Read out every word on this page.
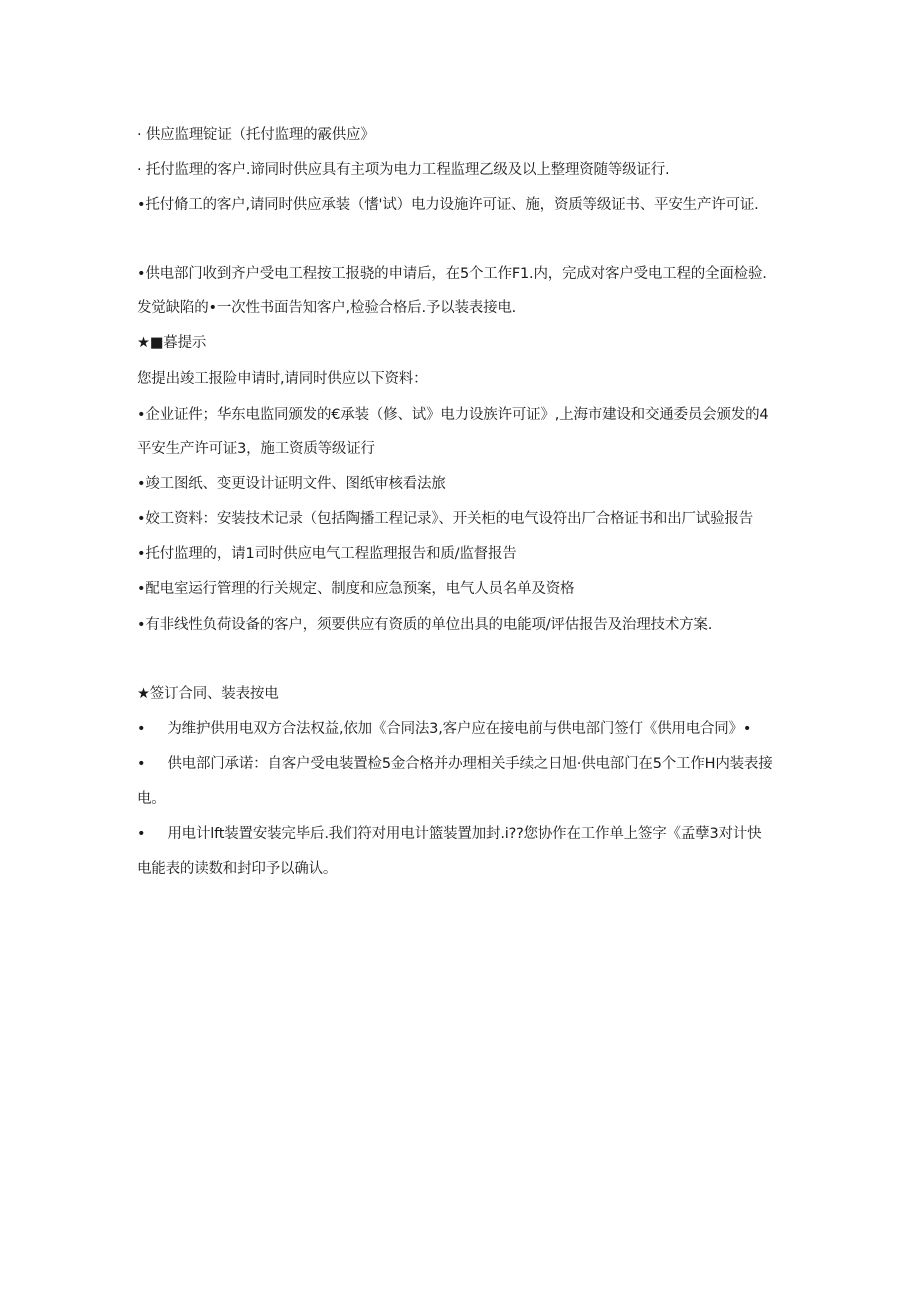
· 供应监理锭证（托付监理的霰供应》
· 托付监理的客户.谛同时供应具有主项为电力工程监理乙级及以上整理资随等级证行.
•托付脩工的客户,请同时供应承装（愭'试）电力设施许可证、施，资质等级证书、平安生产许可证.
•供电部门收到齐户受电工程按工报骁的申请后，在5个工作F1.内，完成对客户受电工程的全面检验.
发觉缺陷的•一次性书面告知客户,检验合格后.予以装表接电.
★■暮提示
您提出竣工报险申请时,请同时供应以下资料：
•企业证件；华东电监同颁发的€承装（修、试》电力设族许可证》,上海市建设和交通委员会颁发的4
平安生产许可证3，施工资质等级证行
•竣工图纸、变更设计证明文件、图纸审核看法旅
•姣工资料：安装技术记录（包括陶播工程记录》、开关柜的电气设符出厂合格证书和出厂试验报告
•托付监理的，请1司时供应电气工程监理报告和质/监督报告
•配电室运行管理的行关规定、制度和应急预案，电气人员名单及资格
•有非线性负荷设备的客户，须要供应有资质的单位出具的电能项/评估报告及治理技术方案.
★签订合同、装表按电
• 为维护供用电双方合法权益,依加《合同法3,客户应在接电前与供电部门签仃《供用电合同》•
• 供电部门承诺：自客户受电装置检5金合格并办理相关手续之日旭·供电部门在5个工作H内装表接
电。
• 用电计lft装置安装完毕后.我们符对用电计篮装置加封.i??您协作在工作单上签字《孟孽3对计快
电能表的读数和封印予以确认。
